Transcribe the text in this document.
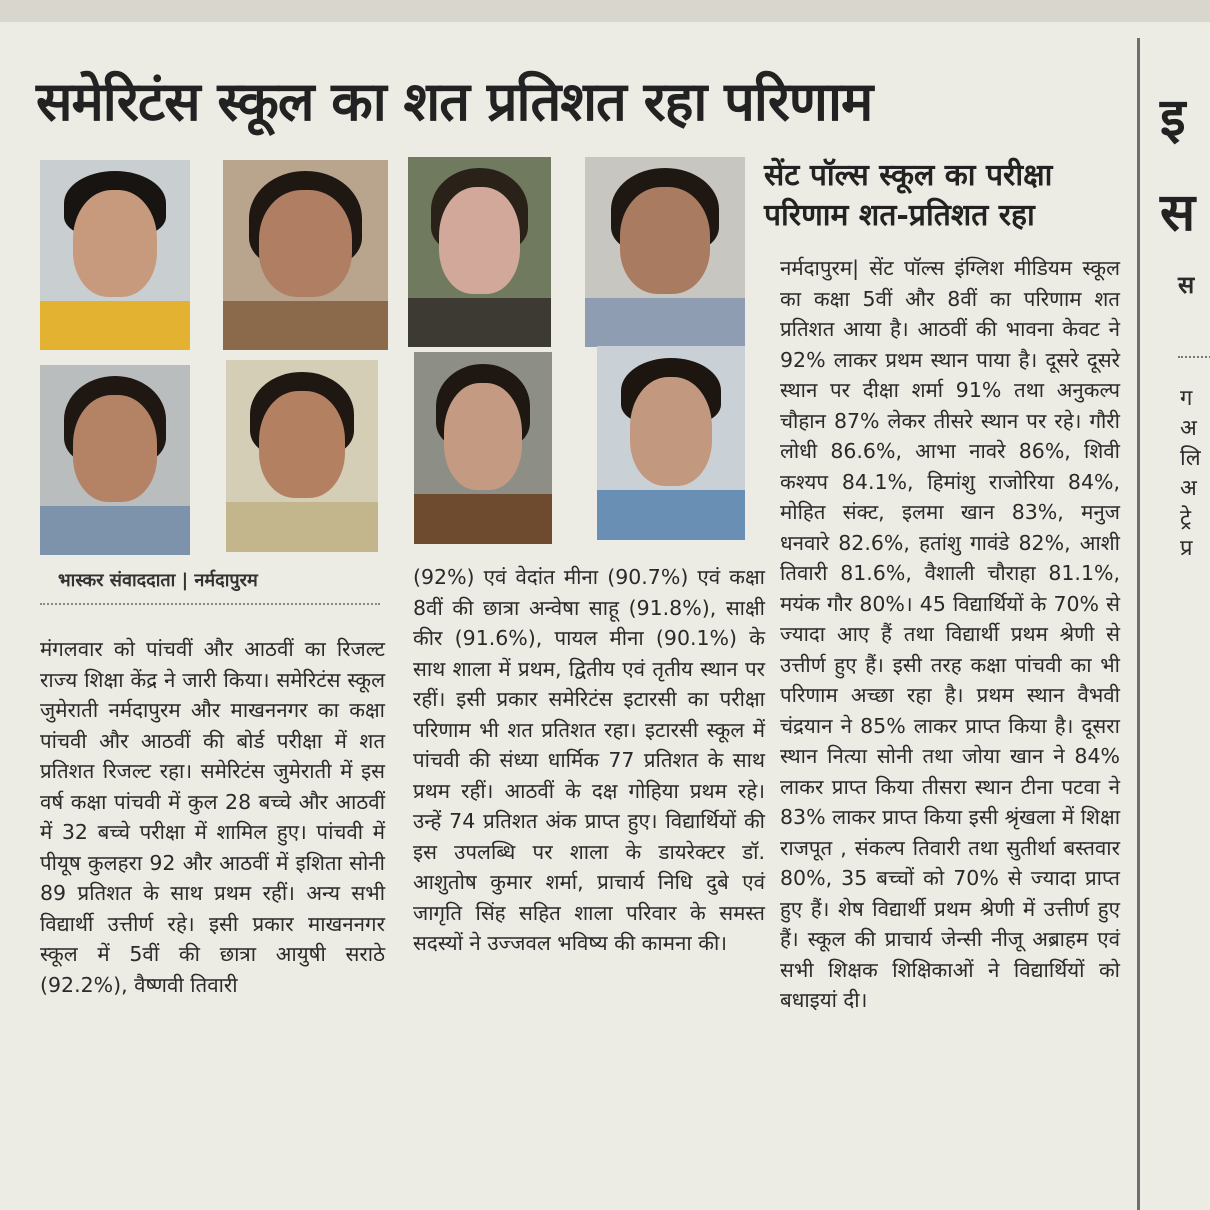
समेरिटंस स्कूल का शत प्रतिशत रहा परिणाम	इ
स
स
ग
अ
लि
अ
ट्रे
प्र
सेंट पॉल्स स्कूल का परीक्षा परिणाम शत-प्रतिशत रहा
भास्कर संवाददाता | नर्मदापुरम

मंगलवार को पांचवीं और आठवीं का रिजल्ट राज्य शिक्षा केंद्र ने जारी किया। समेरिटंस स्कूल जुमेराती नर्मदापुरम और माखननगर का कक्षा पांचवी और आठवीं की बोर्ड परीक्षा में शत प्रतिशत रिजल्ट रहा। समेरिटंस जुमेराती में इस वर्ष कक्षा पांचवी में कुल 28 बच्चे और आठवीं में 32 बच्चे परीक्षा में शामिल हुए। पांचवी में पीयूष कुलहरा 92 और आठवीं में इशिता सोनी 89 प्रतिशत के साथ प्रथम रहीं। अन्य सभी विद्यार्थी उत्तीर्ण रहे। इसी प्रकार माखननगर स्कूल में 5वीं की छात्रा आयुषी सराठे (92.2%), वैष्णवी तिवारी

(92%) एवं वेदांत मीना (90.7%) एवं कक्षा 8वीं की छात्रा अन्वेषा साहू (91.8%), साक्षी कीर (91.6%), पायल मीना (90.1%) के साथ शाला में प्रथम, द्वितीय एवं तृतीय स्थान पर रहीं। इसी प्रकार समेरिटंस इटारसी का परीक्षा परिणाम भी शत प्रतिशत रहा। इटारसी स्कूल में पांचवी की संध्या धार्मिक 77 प्रतिशत के साथ प्रथम रहीं। आठवीं के दक्ष गोहिया प्रथम रहे। उन्हें 74 प्रतिशत अंक प्राप्त हुए। विद्यार्थियों की इस उपलब्धि पर शाला के डायरेक्टर डॉ. आशुतोष कुमार शर्मा, प्राचार्य निधि दुबे एवं जागृति सिंह सहित शाला परिवार के समस्त सदस्यों ने उज्जवल भविष्य की कामना की।

नर्मदापुरम| सेंट पॉल्स इंग्लिश मीडियम स्कूल का कक्षा 5वीं और 8वीं का परिणाम शत प्रतिशत आया है। आठवीं की भावना केवट ने 92% लाकर प्रथम स्थान पाया है। दूसरे दूसरे स्थान पर दीक्षा शर्मा 91% तथा अनुकल्प चौहान 87% लेकर तीसरे स्थान पर रहे। गौरी लोधी 86.6%, आभा नावरे 86%, शिवी कश्यप 84.1%, हिमांशु राजोरिया 84%, मोहित संक्ट, इलमा खान 83%, मनुज धनवारे 82.6%, हतांशु गावंडे 82%, आशी तिवारी 81.6%, वैशाली चौराहा 81.1%, मयंक गौर 80%। 45 विद्यार्थियों के 70% से ज्यादा आए हैं तथा विद्यार्थी प्रथम श्रेणी से उत्तीर्ण हुए हैं। इसी तरह कक्षा पांचवी का भी परिणाम अच्छा रहा है। प्रथम स्थान वैभवी चंद्रयान ने 85% लाकर प्राप्त किया है। दूसरा स्थान नित्या सोनी तथा जोया खान ने 84% लाकर प्राप्त किया तीसरा स्थान टीना पटवा ने 83% लाकर प्राप्त किया इसी श्रृंखला में शिक्षा राजपूत , संकल्प तिवारी तथा सुतीर्था बस्तवार 80%, 35 बच्चों को 70% से ज्यादा प्राप्त हुए हैं। शेष विद्यार्थी प्रथम श्रेणी में उत्तीर्ण हुए हैं। स्कूल की प्राचार्य जेन्सी नीजू अब्राहम एवं सभी शिक्षक शिक्षिकाओं ने विद्यार्थियों को बधाइयां दी।
